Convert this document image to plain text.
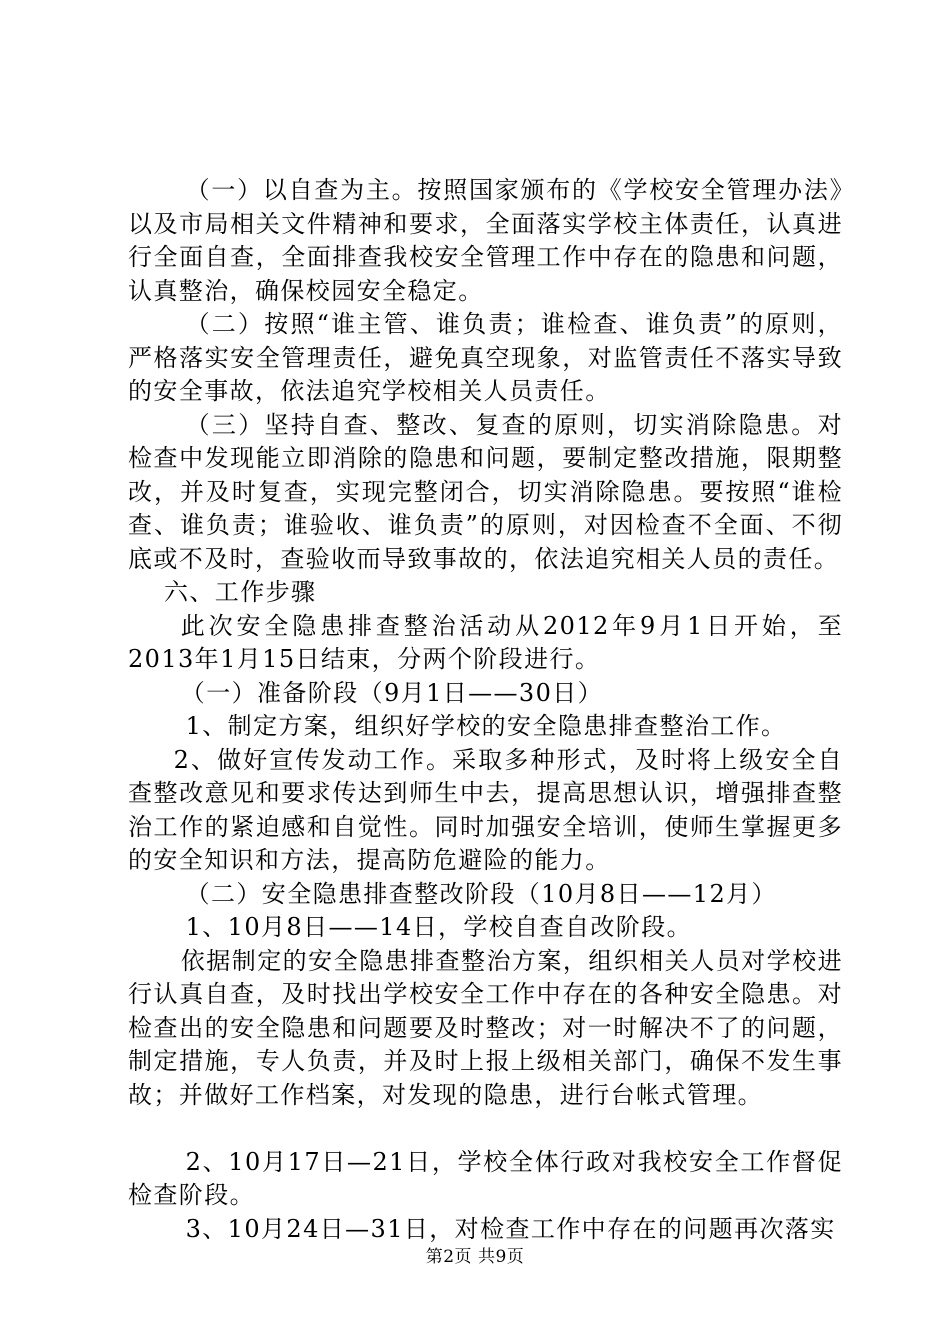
（一）以自查为主。按照国家颁布的《学校安全管理办法》以及市局相关文件精神和要求，全面落实学校主体责任，认真进行全面自查，全面排查我校安全管理工作中存在的隐患和问题，认真整治，确保校园安全稳定。

（二）按照“谁主管、谁负责；谁检查、谁负责”的原则，严格落实安全管理责任，避免真空现象，对监管责任不落实导致的安全事故，依法追究学校相关人员责任。

（三）坚持自查、整改、复查的原则，切实消除隐患。对检查中发现能立即消除的隐患和问题，要制定整改措施，限期整改，并及时复查，实现完整闭合，切实消除隐患。要按照“谁检查、谁负责；谁验收、谁负责”的原则，对因检查不全面、不彻底或不及时，查验收而导致事故的，依法追究相关人员的责任。

六、工作步骤

此次安全隐患排查整治活动从2012年9月1日开始，至2013年1月15日结束，分两个阶段进行。

（一）准备阶段（9月1日——30日）

1、制定方案，组织好学校的安全隐患排查整治工作。

2、做好宣传发动工作。采取多种形式，及时将上级安全自查整改意见和要求传达到师生中去，提高思想认识，增强排查整治工作的紧迫感和自觉性。同时加强安全培训，使师生掌握更多的安全知识和方法，提高防危避险的能力。

（二）安全隐患排查整改阶段（10月8日——12月）

1、10月8日——14日，学校自查自改阶段。

依据制定的安全隐患排查整治方案，组织相关人员对学校进行认真自查，及时找出学校安全工作中存在的各种安全隐患。对检查出的安全隐患和问题要及时整改；对一时解决不了的问题，制定措施，专人负责，并及时上报上级相关部门，确保不发生事故；并做好工作档案，对发现的隐患，进行台帐式管理。

2、10月17日—21日，学校全体行政对我校安全工作督促检查阶段。

3、10月24日—31日，对检查工作中存在的问题再次落实

第2页 共9页
